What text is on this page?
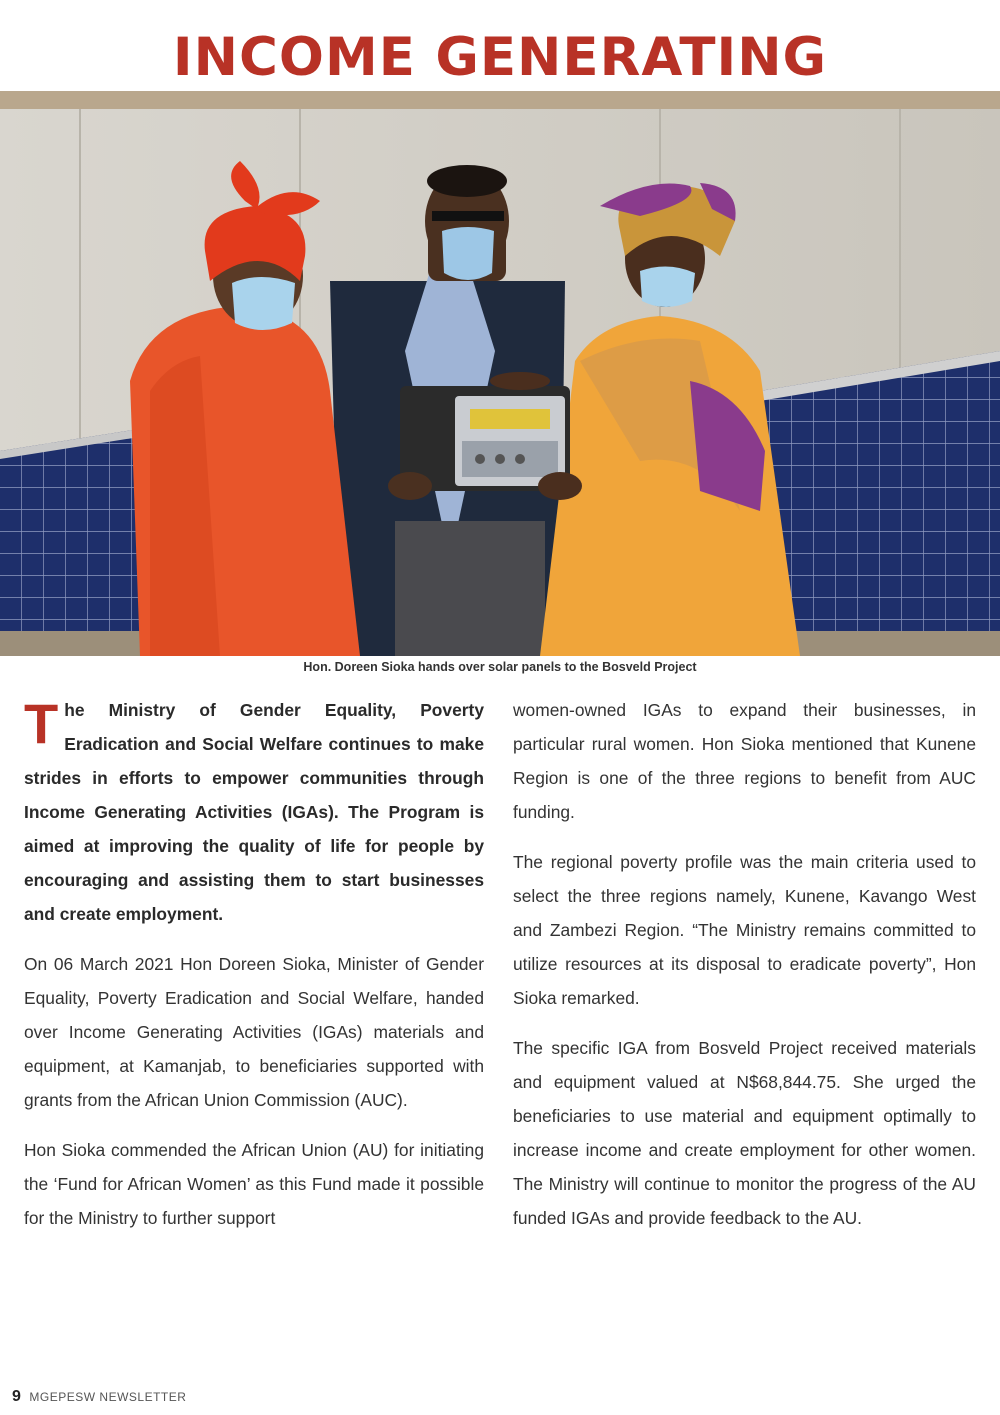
INCOME GENERATING
Hon. Doreen Sioka hands over solar panels to the Bosveld Project

The Ministry of Gender Equality, Poverty Eradication and Social Welfare continues to make strides in efforts to empower communities through Income Generating Activities (IGAs). The Program is aimed at improving the quality of life for people by encouraging and assisting them to start businesses and create employment.

On 06 March 2021 Hon Doreen Sioka, Minister of Gender Equality, Poverty Eradication and Social Welfare, handed over Income Generating Activities (IGAs) materials and equipment, at Kamanjab, to beneficiaries supported with grants from the African Union Commission (AUC).

Hon Sioka commended the African Union (AU) for initiating the ‘Fund for African Women’ as this Fund made it possible for the Ministry to further support

women-owned IGAs to expand their businesses, in particular rural women. Hon Sioka mentioned that Kunene Region is one of the three regions to benefit from AUC funding.

The regional poverty profile was the main criteria used to select the three regions namely, Kunene, Kavango West and Zambezi Region. “The Ministry remains committed to utilize resources at its disposal to eradicate poverty”, Hon Sioka remarked.

The specific IGA from Bosveld Project received materials and equipment valued at N$68,844.75. She urged the beneficiaries to use material and equipment optimally to increase income and create employment for other women. The Ministry will continue to monitor the progress of the AU funded IGAs and provide feedback to the AU.

9 MGEPESW NEWSLETTER
